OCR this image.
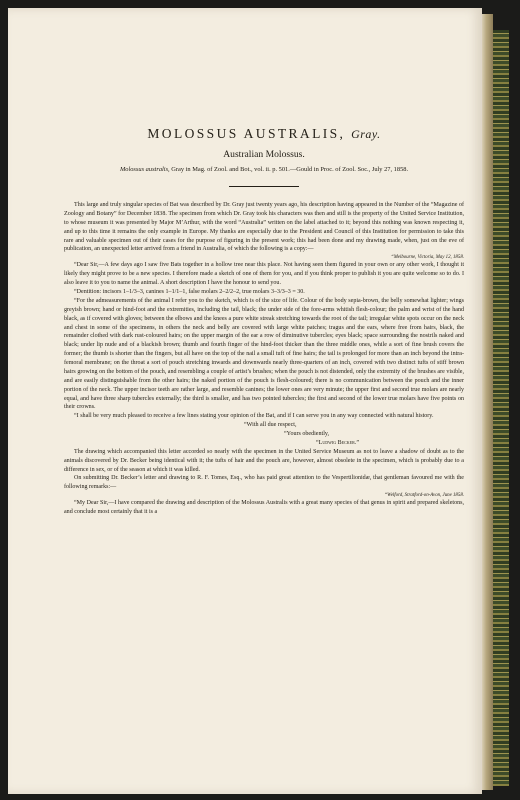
MOLOSSUS AUSTRALIS, Gray.
Australian Molossus.
Molossus australis, Gray in Mag. of Zool. and Bot., vol. ii. p. 501.—Gould in Proc. of Zool. Soc., July 27, 1858.

This large and truly singular species of Bat was described by Dr. Gray just twenty years ago, his description having appeared in the Number of the “Magazine of Zoology and Botany” for December 1838. The specimen from which Dr. Gray took his characters was then and still is the property of the United Service Institution, to whose museum it was presented by Major M’Arthur, with the word “Australia” written on the label attached to it; beyond this nothing was known respecting it, and up to this time it remains the only example in Europe. My thanks are especially due to the President and Council of this Institution for permission to take this rare and valuable specimen out of their cases for the purpose of figuring in the present work; this had been done and my drawing made, when, just on the eve of publication, an unexpected letter arrived from a friend in Australia, of which the following is a copy:—

“Melbourne, Victoria, May 12, 1858.

“Dear Sir,—A few days ago I saw five Bats together in a hollow tree near this place. Not having seen them figured in your own or any other work, I thought it likely they might prove to be a new species. I therefore made a sketch of one of them for you, and if you think proper to publish it you are quite welcome so to do. I also leave it to you to name the animal. A short description I have the honour to send you.

“Dentition: incisors 1–1/3–3, canines 1–1/1–1, false molars 2–2/2–2, true molars 3–3/3–3 = 30.

“For the admeasurements of the animal I refer you to the sketch, which is of the size of life. Colour of the body sepia-brown, the belly somewhat lighter; wings greyish brown; hand or hind-foot and the extremities, including the tail, black; the under side of the fore-arms whitish flesh-colour; the palm and wrist of the hand black, as if covered with gloves; between the elbows and the knees a pure white streak stretching towards the root of the tail; irregular white spots occur on the neck and chest in some of the specimens, in others the neck and belly are covered with large white patches; tragus and the ears, where free from hairs, black, the remainder clothed with dark rust-coloured hairs; on the upper margin of the ear a row of diminutive tubercles; eyes black; space surrounding the nostrils naked and black; under lip nude and of a blackish brown; thumb and fourth finger of the hind-foot thicker than the three middle ones, while a sort of fine brush covers the former; the thumb is shorter than the fingers, but all have on the top of the nail a small tuft of fine hairs; the tail is prolonged for more than an inch beyond the intra-femoral membrane; on the throat a sort of pouch stretching inwards and downwards nearly three-quarters of an inch, covered with two distinct tufts of stiff brown hairs growing on the bottom of the pouch, and resembling a couple of artist’s brushes; when the pouch is not distended, only the extremity of the brushes are visible, and are easily distinguishable from the other hairs; the naked portion of the pouch is flesh-coloured; there is no communication between the pouch and the inner portion of the neck. The upper incisor teeth are rather large, and resemble canines; the lower ones are very minute; the upper first and second true molars are nearly equal, and have three sharp tubercles externally; the third is smaller, and has two pointed tubercles; the first and second of the lower true molars have five points on their crowns.

“I shall be very much pleased to receive a few lines stating your opinion of the Bat, and if I can serve you in any way connected with natural history.

“With all due respect,

“Yours obediently,

“Ludwig Becker.”

The drawing which accompanied this letter accorded so nearly with the specimen in the United Service Museum as not to leave a shadow of doubt as to the animals discovered by Dr. Becker being identical with it; the tufts of hair and the pouch are, however, almost obsolete in the specimen, which is probably due to a difference in sex, or of the season at which it was killed.

On submitting Dr. Becker’s letter and drawing to R. F. Tomes, Esq., who has paid great attention to the Vespertilionidæ, that gentleman favoured me with the following remarks:—

“Welford, Stratford-on-Avon, June 1858.

“My Dear Sir,—I have compared the drawing and description of the Molossus Australis with a great many species of that genus in spirit and prepared skeletons, and conclude most certainly that it is a
